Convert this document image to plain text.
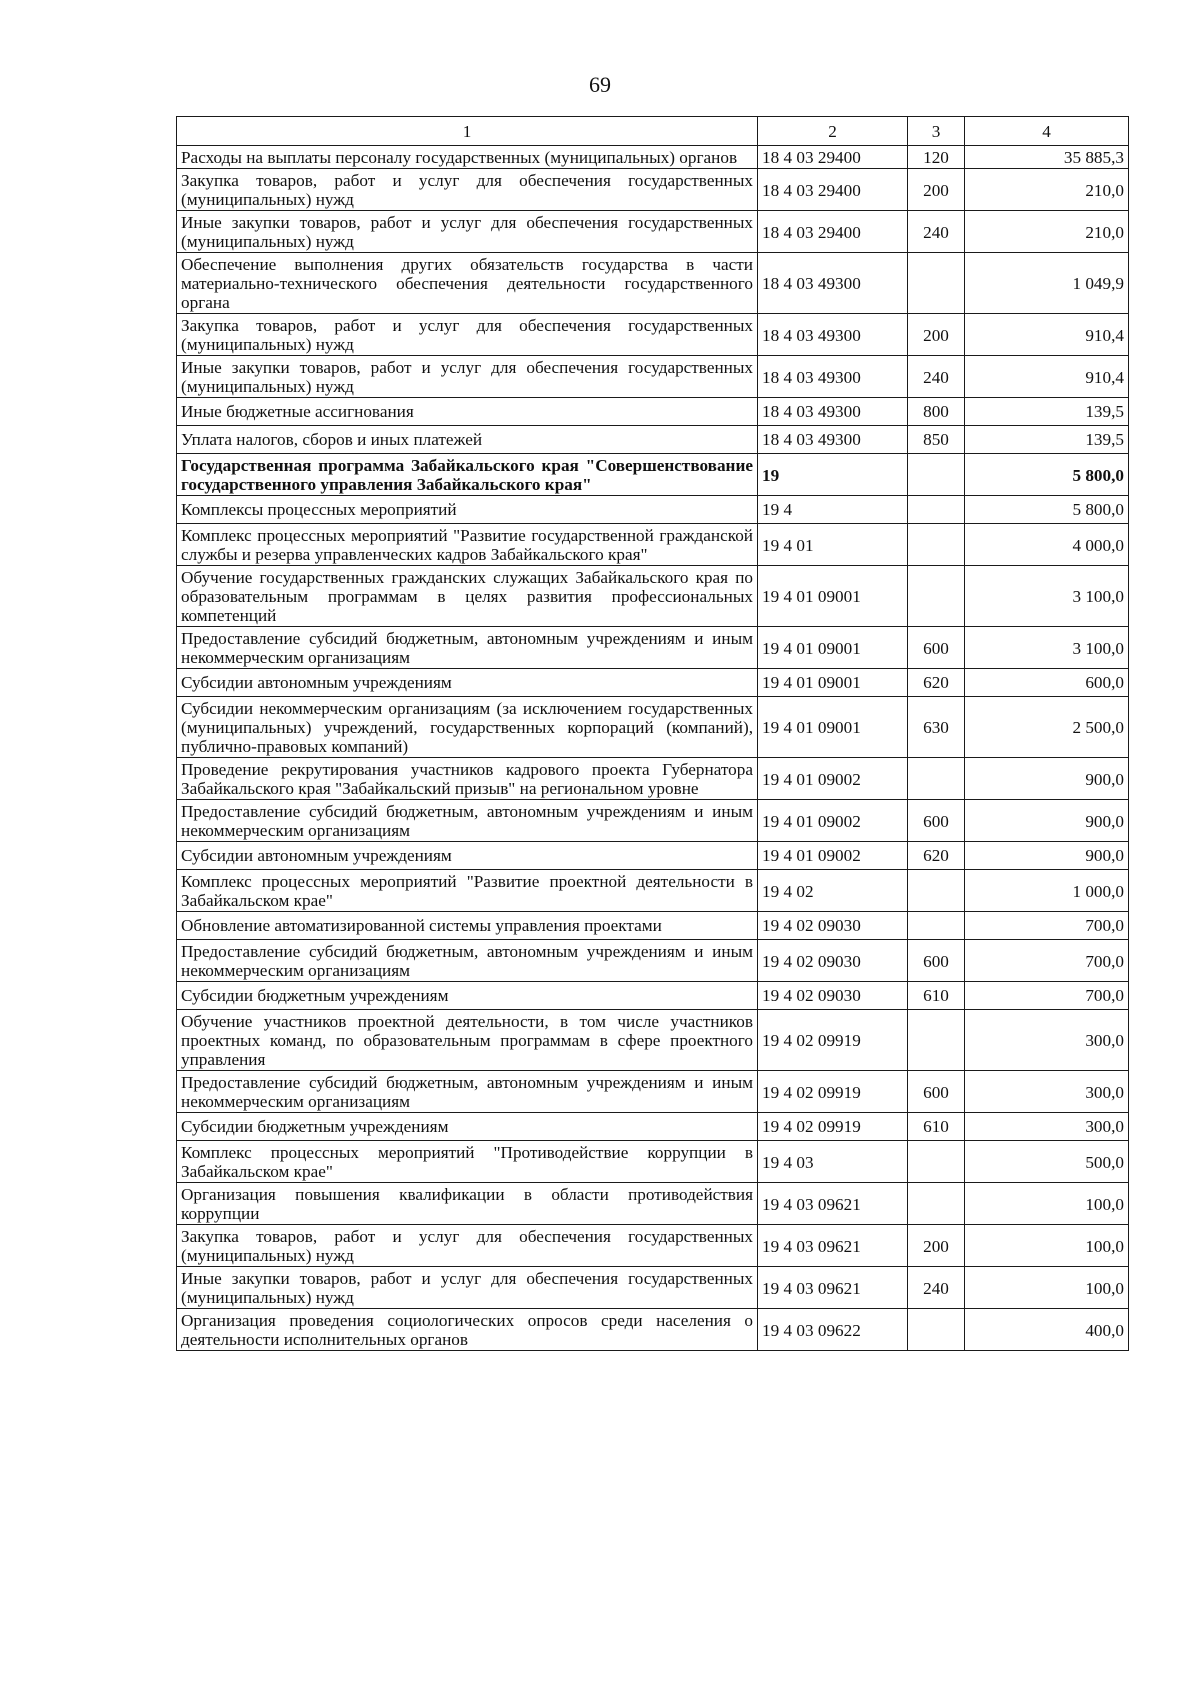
69
1	2	3	4
Расходы на выплаты персоналу государственных (муниципальных) органов	18 4 03 29400	120	35 885,3
Закупка товаров, работ и услуг для обеспечения государственных (муниципальных) нужд	18 4 03 29400	200	210,0
Иные закупки товаров, работ и услуг для обеспечения государственных (муниципальных) нужд	18 4 03 29400	240	210,0
Обеспечение выполнения других обязательств государства в части материально-технического обеспечения деятельности государственного органа	18 4 03 49300		1 049,9
Закупка товаров, работ и услуг для обеспечения государственных (муниципальных) нужд	18 4 03 49300	200	910,4
Иные закупки товаров, работ и услуг для обеспечения государственных (муниципальных) нужд	18 4 03 49300	240	910,4
Иные бюджетные ассигнования	18 4 03 49300	800	139,5
Уплата налогов, сборов и иных платежей	18 4 03 49300	850	139,5
Государственная программа Забайкальского края "Совершенствование государственного управления Забайкальского края"	19		5 800,0
Комплексы процессных мероприятий	19 4		5 800,0
Комплекс процессных мероприятий "Развитие государственной гражданской службы и резерва управленческих кадров Забайкальского края"	19 4 01		4 000,0
Обучение государственных гражданских служащих Забайкальского края по образовательным программам в целях развития профессиональных компетенций	19 4 01 09001		3 100,0
Предоставление субсидий бюджетным, автономным учреждениям и иным некоммерческим организациям	19 4 01 09001	600	3 100,0
Субсидии автономным учреждениям	19 4 01 09001	620	600,0
Субсидии некоммерческим организациям (за исключением государственных (муниципальных) учреждений, государственных корпораций (компаний), публично-правовых компаний)	19 4 01 09001	630	2 500,0
Проведение рекрутирования участников кадрового проекта Губернатора Забайкальского края "Забайкальский призыв" на региональном уровне	19 4 01 09002		900,0
Предоставление субсидий бюджетным, автономным учреждениям и иным некоммерческим организациям	19 4 01 09002	600	900,0
Субсидии автономным учреждениям	19 4 01 09002	620	900,0
Комплекс процессных мероприятий "Развитие проектной деятельности в Забайкальском крае"	19 4 02		1 000,0
Обновление автоматизированной системы управления проектами	19 4 02 09030		700,0
Предоставление субсидий бюджетным, автономным учреждениям и иным некоммерческим организациям	19 4 02 09030	600	700,0
Субсидии бюджетным учреждениям	19 4 02 09030	610	700,0
Обучение участников проектной деятельности, в том числе участников проектных команд, по образовательным программам в сфере проектного управления	19 4 02 09919		300,0
Предоставление субсидий бюджетным, автономным учреждениям и иным некоммерческим организациям	19 4 02 09919	600	300,0
Субсидии бюджетным учреждениям	19 4 02 09919	610	300,0
Комплекс процессных мероприятий "Противодействие коррупции в Забайкальском крае"	19 4 03		500,0
Организация повышения квалификации в области противодействия коррупции	19 4 03 09621		100,0
Закупка товаров, работ и услуг для обеспечения государственных (муниципальных) нужд	19 4 03 09621	200	100,0
Иные закупки товаров, работ и услуг для обеспечения государственных (муниципальных) нужд	19 4 03 09621	240	100,0
Организация проведения социологических опросов среди населения о деятельности исполнительных органов	19 4 03 09622		400,0
